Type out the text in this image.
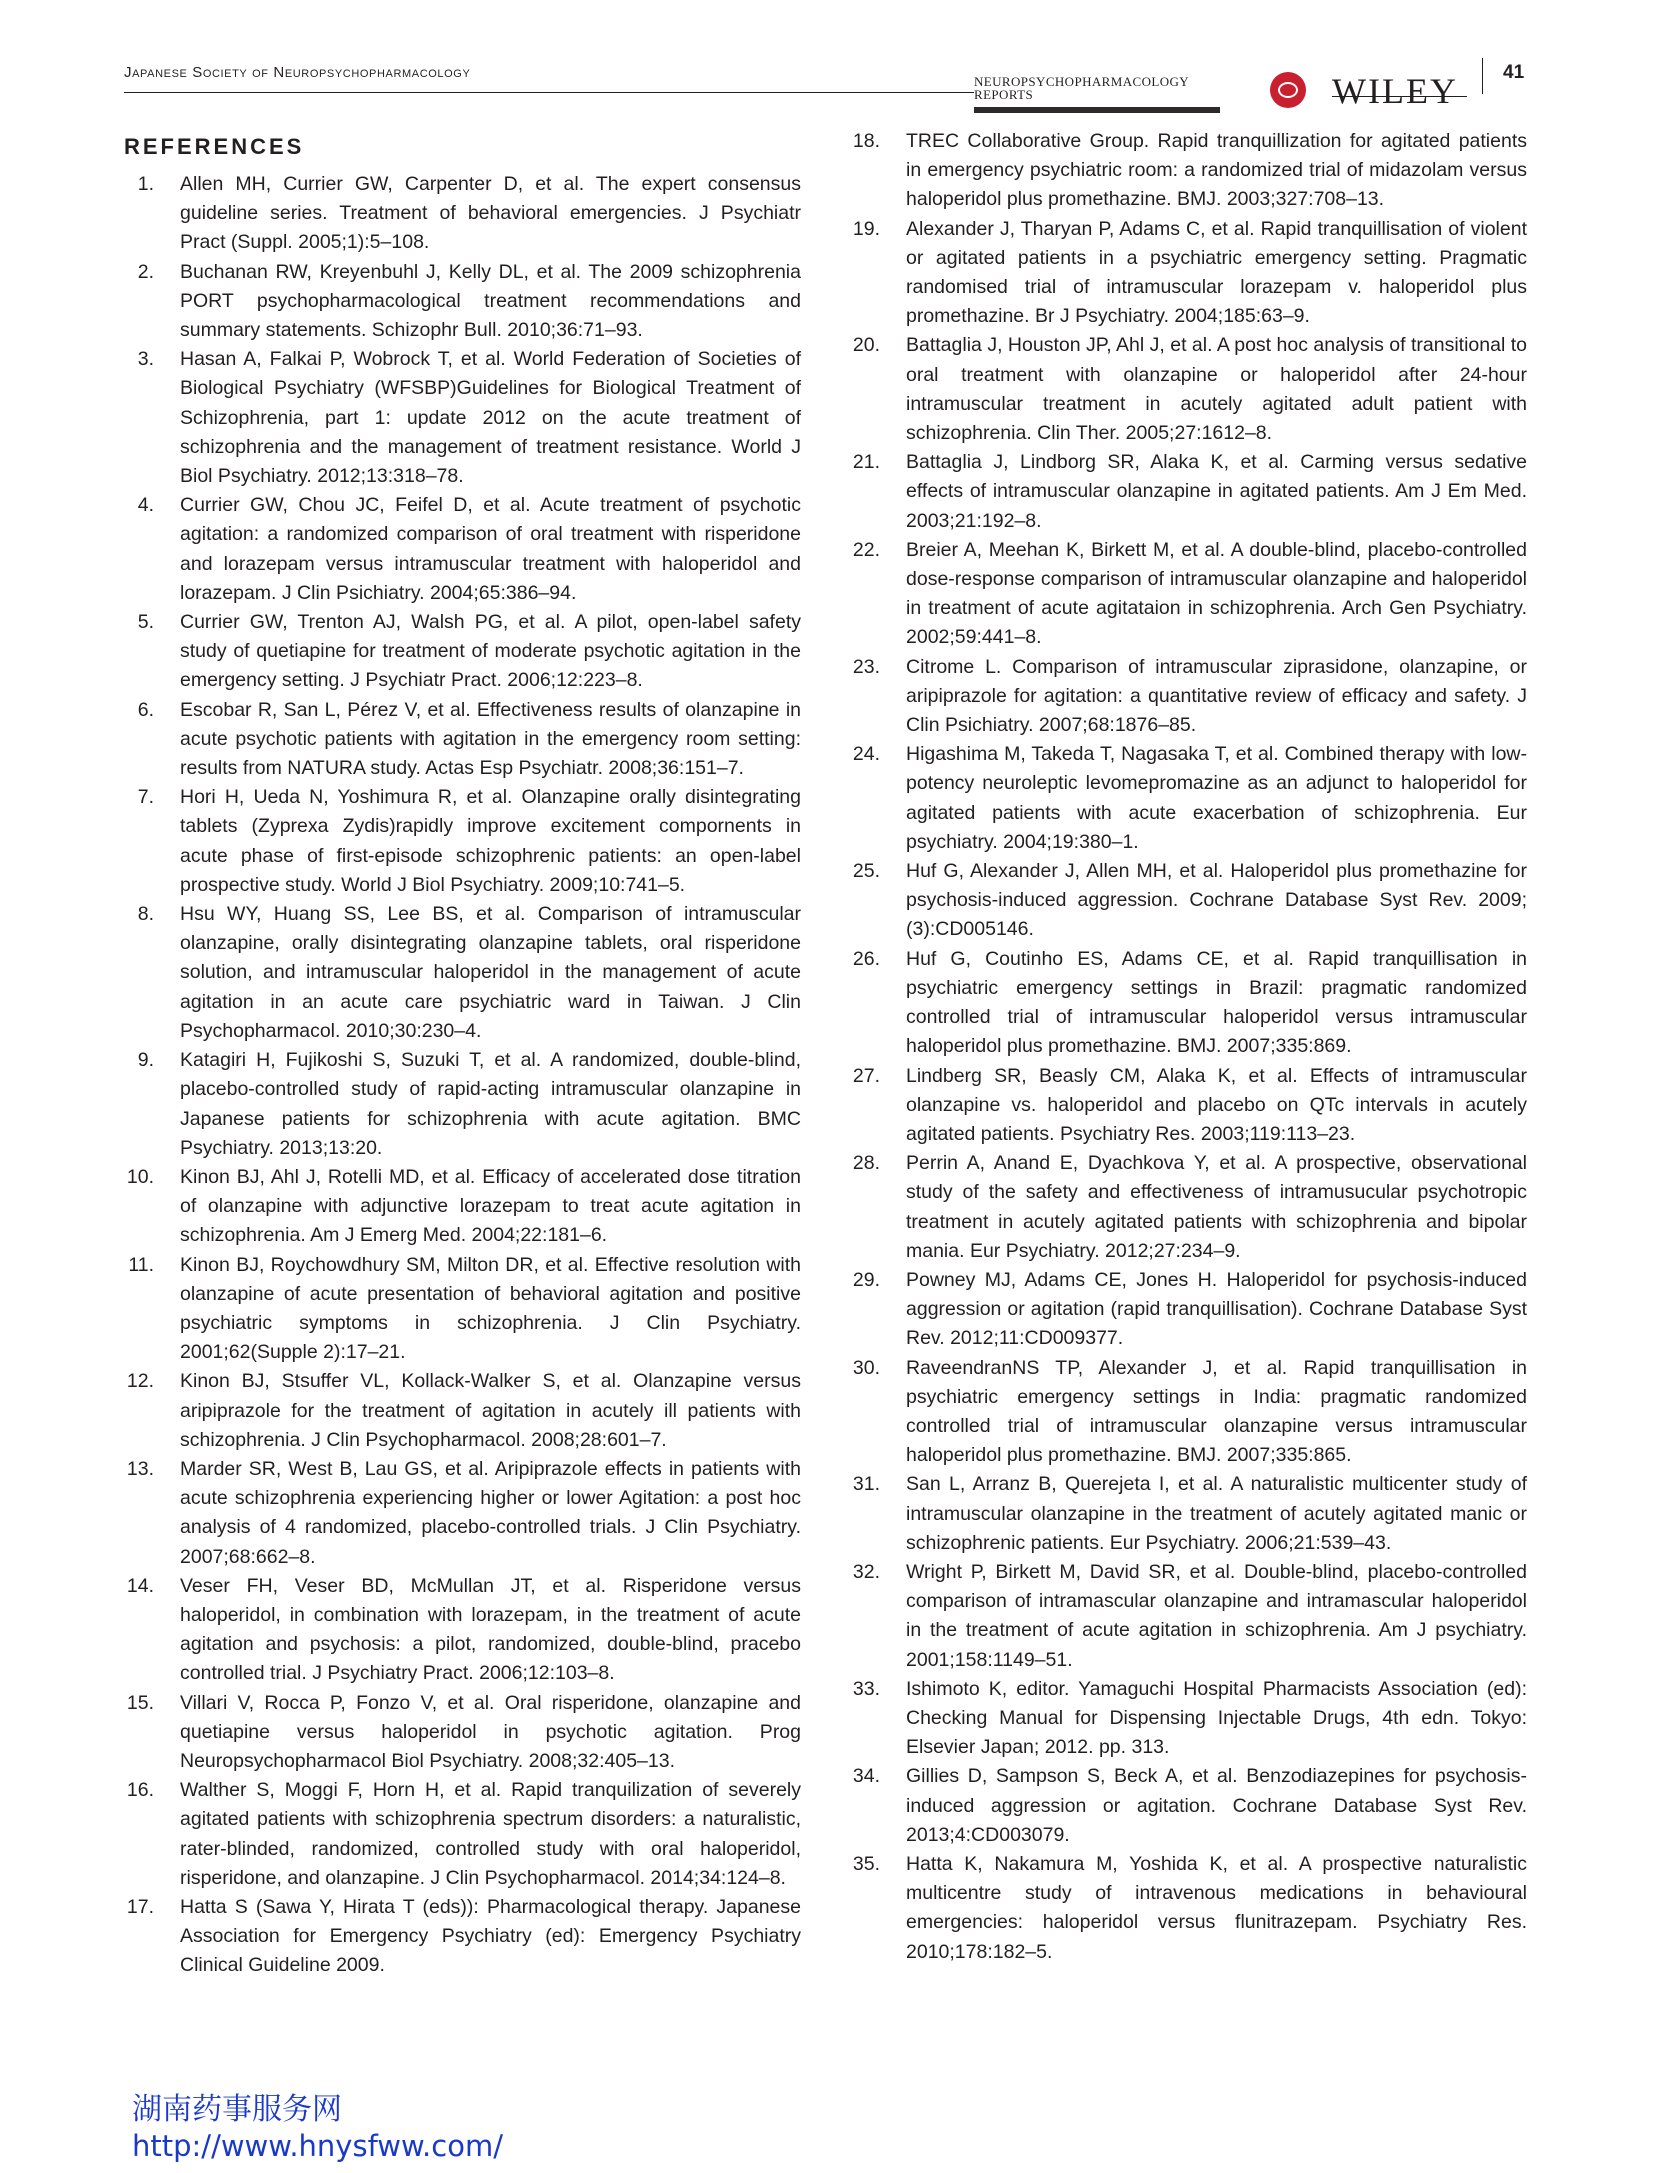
Japanese Society of Neuropsychopharmacology
NEUROPSYCHOPHARMACOLOGY REPORTS	WILEY 41
REFERENCES
1. Allen MH, Currier GW, Carpenter D, et al. The expert consensus guideline series. Treatment of behavioral emergencies. J Psychiatr Pract (Suppl. 2005;1):5–108.
2. Buchanan RW, Kreyenbuhl J, Kelly DL, et al. The 2009 schizophrenia PORT psychopharmacological treatment recommendations and summary statements. Schizophr Bull. 2010;36:71–93.
3. Hasan A, Falkai P, Wobrock T, et al. World Federation of Societies of Biological Psychiatry (WFSBP)Guidelines for Biological Treatment of Schizophrenia, part 1: update 2012 on the acute treatment of schizophrenia and the management of treatment resistance. World J Biol Psychiatry. 2012;13:318–78.
4. Currier GW, Chou JC, Feifel D, et al. Acute treatment of psychotic agitation: a randomized comparison of oral treatment with risperidone and lorazepam versus intramuscular treatment with haloperidol and lorazepam. J Clin Psichiatry. 2004;65:386–94.
5. Currier GW, Trenton AJ, Walsh PG, et al. A pilot, open-label safety study of quetiapine for treatment of moderate psychotic agitation in the emergency setting. J Psychiatr Pract. 2006;12:223–8.
6. Escobar R, San L, Pérez V, et al. Effectiveness results of olanzapine in acute psychotic patients with agitation in the emergency room setting: results from NATURA study. Actas Esp Psychiatr. 2008;36:151–7.
7. Hori H, Ueda N, Yoshimura R, et al. Olanzapine orally disintegrating tablets (Zyprexa Zydis)rapidly improve excitement compornents in acute phase of first-episode schizophrenic patients: an open-label prospective study. World J Biol Psychiatry. 2009;10:741–5.
8. Hsu WY, Huang SS, Lee BS, et al. Comparison of intramuscular olanzapine, orally disintegrating olanzapine tablets, oral risperidone solution, and intramuscular haloperidol in the management of acute agitation in an acute care psychiatric ward in Taiwan. J Clin Psychopharmacol. 2010;30:230–4.
9. Katagiri H, Fujikoshi S, Suzuki T, et al. A randomized, double-blind, placebo-controlled study of rapid-acting intramuscular olanzapine in Japanese patients for schizophrenia with acute agitation. BMC Psychiatry. 2013;13:20.
10. Kinon BJ, Ahl J, Rotelli MD, et al. Efficacy of accelerated dose titration of olanzapine with adjunctive lorazepam to treat acute agitation in schizophrenia. Am J Emerg Med. 2004;22:181–6.
11. Kinon BJ, Roychowdhury SM, Milton DR, et al. Effective resolution with olanzapine of acute presentation of behavioral agitation and positive psychiatric symptoms in schizophrenia. J Clin Psychiatry. 2001;62(Supple 2):17–21.
12. Kinon BJ, Stsuffer VL, Kollack-Walker S, et al. Olanzapine versus aripiprazole for the treatment of agitation in acutely ill patients with schizophrenia. J Clin Psychopharmacol. 2008;28:601–7.
13. Marder SR, West B, Lau GS, et al. Aripiprazole effects in patients with acute schizophrenia experiencing higher or lower Agitation: a post hoc analysis of 4 randomized, placebo-controlled trials. J Clin Psychiatry. 2007;68:662–8.
14. Veser FH, Veser BD, McMullan JT, et al. Risperidone versus haloperidol, in combination with lorazepam, in the treatment of acute agitation and psychosis: a pilot, randomized, double-blind, pracebo controlled trial. J Psychiatry Pract. 2006;12:103–8.
15. Villari V, Rocca P, Fonzo V, et al. Oral risperidone, olanzapine and quetiapine versus haloperidol in psychotic agitation. Prog Neuropsychopharmacol Biol Psychiatry. 2008;32:405–13.
16. Walther S, Moggi F, Horn H, et al. Rapid tranquilization of severely agitated patients with schizophrenia spectrum disorders: a naturalistic, rater-blinded, randomized, controlled study with oral haloperidol, risperidone, and olanzapine. J Clin Psychopharmacol. 2014;34:124–8.
17. Hatta S (Sawa Y, Hirata T (eds)): Pharmacological therapy. Japanese Association for Emergency Psychiatry (ed): Emergency Psychiatry Clinical Guideline 2009.
18. TREC Collaborative Group. Rapid tranquillization for agitated patients in emergency psychiatric room: a randomized trial of midazolam versus haloperidol plus promethazine. BMJ. 2003;327:708–13.
19. Alexander J, Tharyan P, Adams C, et al. Rapid tranquillisation of violent or agitated patients in a psychiatric emergency setting. Pragmatic randomised trial of intramuscular lorazepam v. haloperidol plus promethazine. Br J Psychiatry. 2004;185:63–9.
20. Battaglia J, Houston JP, Ahl J, et al. A post hoc analysis of transitional to oral treatment with olanzapine or haloperidol after 24-hour intramuscular treatment in acutely agitated adult patient with schizophrenia. Clin Ther. 2005;27:1612–8.
21. Battaglia J, Lindborg SR, Alaka K, et al. Carming versus sedative effects of intramuscular olanzapine in agitated patients. Am J Em Med. 2003;21:192–8.
22. Breier A, Meehan K, Birkett M, et al. A double-blind, placebo-controlled dose-response comparison of intramuscular olanzapine and haloperidol in treatment of acute agitataion in schizophrenia. Arch Gen Psychiatry. 2002;59:441–8.
23. Citrome L. Comparison of intramuscular ziprasidone, olanzapine, or aripiprazole for agitation: a quantitative review of efficacy and safety. J Clin Psichiatry. 2007;68:1876–85.
24. Higashima M, Takeda T, Nagasaka T, et al. Combined therapy with low-potency neuroleptic levomepromazine as an adjunct to haloperidol for agitated patients with acute exacerbation of schizophrenia. Eur psychiatry. 2004;19:380–1.
25. Huf G, Alexander J, Allen MH, et al. Haloperidol plus promethazine for psychosis-induced aggression. Cochrane Database Syst Rev. 2009;(3):CD005146.
26. Huf G, Coutinho ES, Adams CE, et al. Rapid tranquillisation in psychiatric emergency settings in Brazil: pragmatic randomized controlled trial of intramuscular haloperidol versus intramuscular haloperidol plus promethazine. BMJ. 2007;335:869.
27. Lindberg SR, Beasly CM, Alaka K, et al. Effects of intramuscular olanzapine vs. haloperidol and placebo on QTc intervals in acutely agitated patients. Psychiatry Res. 2003;119:113–23.
28. Perrin A, Anand E, Dyachkova Y, et al. A prospective, observational study of the safety and effectiveness of intramusucular psychotropic treatment in acutely agitated patients with schizophrenia and bipolar mania. Eur Psychiatry. 2012;27:234–9.
29. Powney MJ, Adams CE, Jones H. Haloperidol for psychosis-induced aggression or agitation (rapid tranquillisation). Cochrane Database Syst Rev. 2012;11:CD009377.
30. RaveendranNS TP, Alexander J, et al. Rapid tranquillisation in psychiatric emergency settings in India: pragmatic randomized controlled trial of intramuscular olanzapine versus intramuscular haloperidol plus promethazine. BMJ. 2007;335:865.
31. San L, Arranz B, Querejeta I, et al. A naturalistic multicenter study of intramuscular olanzapine in the treatment of acutely agitated manic or schizophrenic patients. Eur Psychiatry. 2006;21:539–43.
32. Wright P, Birkett M, David SR, et al. Double-blind, placebo-controlled comparison of intramascular olanzapine and intramascular haloperidol in the treatment of acute agitation in schizophrenia. Am J psychiatry. 2001;158:1149–51.
33. Ishimoto K, editor. Yamaguchi Hospital Pharmacists Association (ed): Checking Manual for Dispensing Injectable Drugs, 4th edn. Tokyo: Elsevier Japan; 2012. pp. 313.
34. Gillies D, Sampson S, Beck A, et al. Benzodiazepines for psychosis-induced aggression or agitation. Cochrane Database Syst Rev. 2013;4:CD003079.
35. Hatta K, Nakamura M, Yoshida K, et al. A prospective naturalistic multicentre study of intravenous medications in behavioural emergencies: haloperidol versus flunitrazepam. Psychiatry Res. 2010;178:182–5.
湖南药事服务网
http://www.hnysfww.com/
